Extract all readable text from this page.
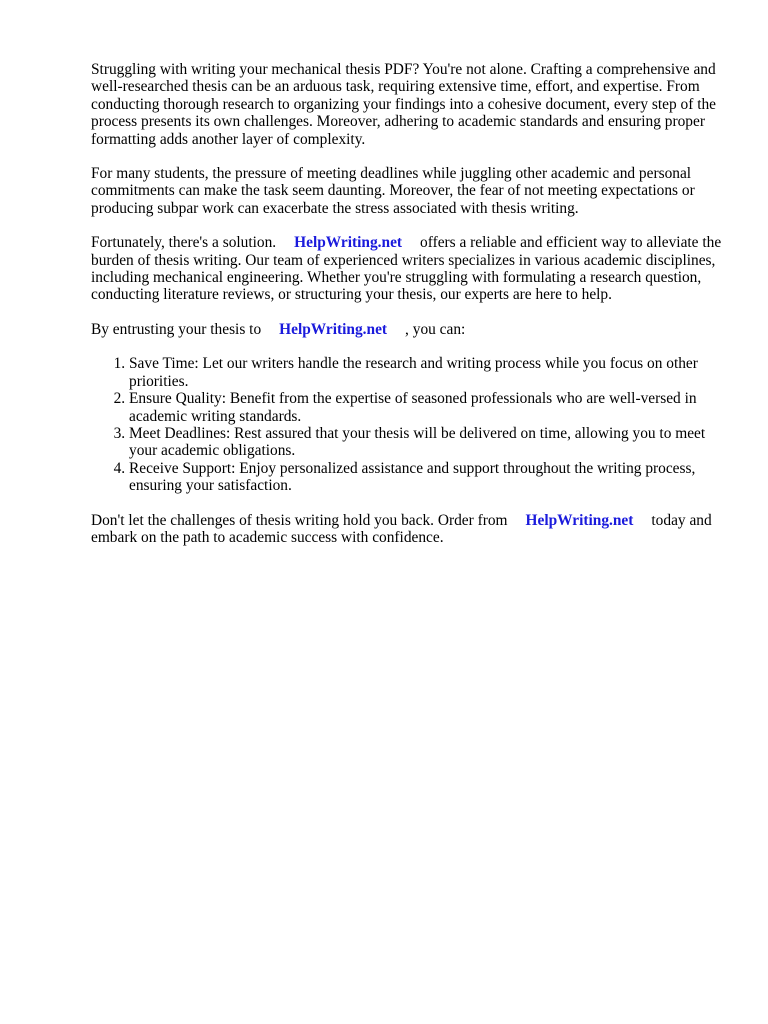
Struggling with writing your mechanical thesis PDF? You're not alone. Crafting a comprehensive and well-researched thesis can be an arduous task, requiring extensive time, effort, and expertise. From conducting thorough research to organizing your findings into a cohesive document, every step of the process presents its own challenges. Moreover, adhering to academic standards and ensuring proper formatting adds another layer of complexity.

For many students, the pressure of meeting deadlines while juggling other academic and personal commitments can make the task seem daunting. Moreover, the fear of not meeting expectations or producing subpar work can exacerbate the stress associated with thesis writing.

Fortunately, there's a solution. HelpWriting.net offers a reliable and efficient way to alleviate the burden of thesis writing. Our team of experienced writers specializes in various academic disciplines, including mechanical engineering. Whether you're struggling with formulating a research question, conducting literature reviews, or structuring your thesis, our experts are here to help.

By entrusting your thesis to HelpWriting.net , you can:

1. Save Time: Let our writers handle the research and writing process while you focus on other priorities.
2. Ensure Quality: Benefit from the expertise of seasoned professionals who are well-versed in academic writing standards.
3. Meet Deadlines: Rest assured that your thesis will be delivered on time, allowing you to meet your academic obligations.
4. Receive Support: Enjoy personalized assistance and support throughout the writing process, ensuring your satisfaction.

Don't let the challenges of thesis writing hold you back. Order from HelpWriting.net today and embark on the path to academic success with confidence.
